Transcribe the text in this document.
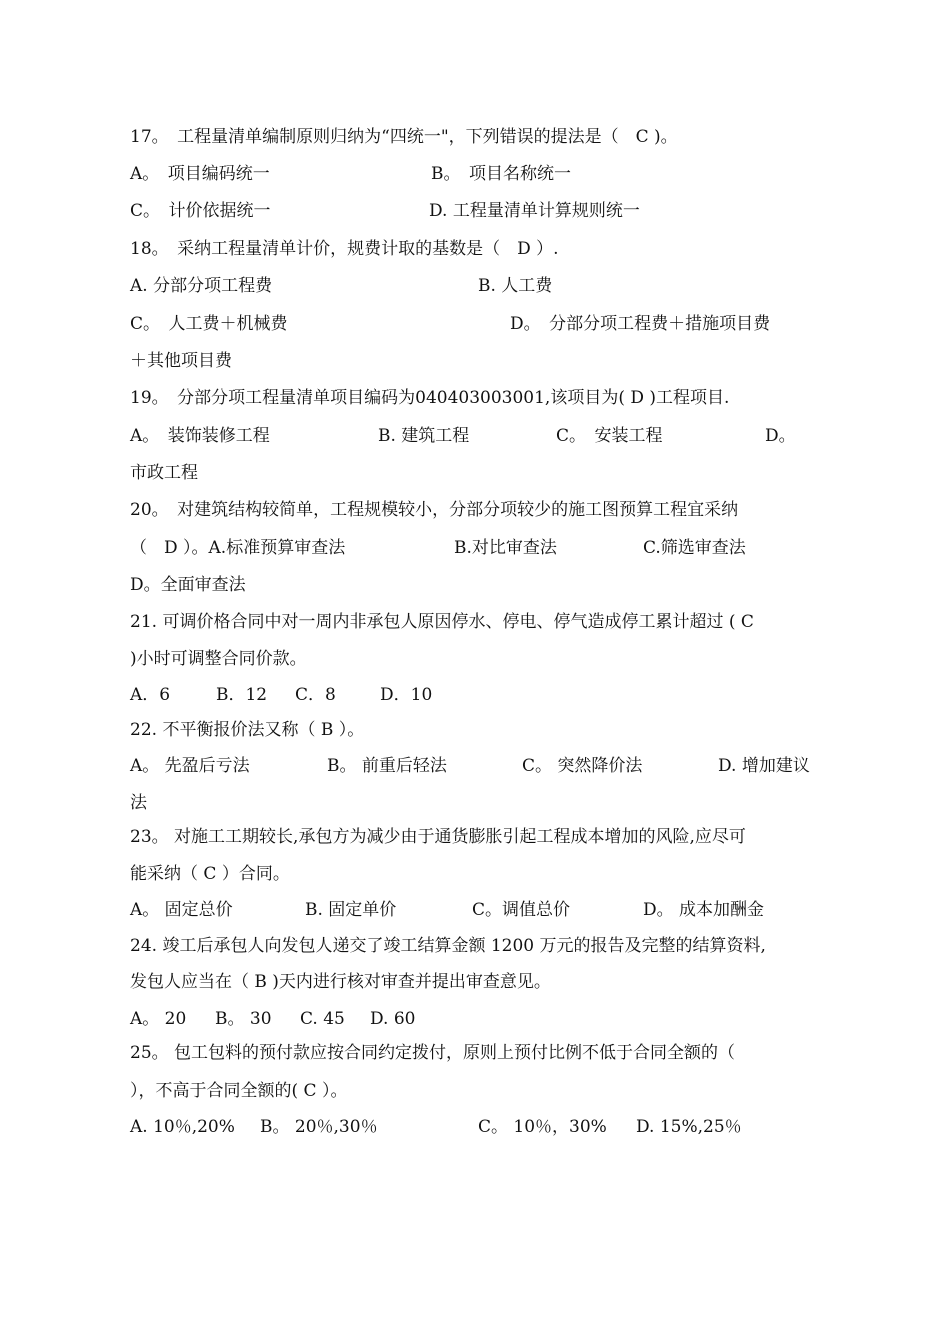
17。　工程量清单编制原则归纳为“四统一"，下列错误的提法是（　C )。

A。　项目编码统一

	B。　项目名称统一

C。　计价依据统一

	D. 工程量清单计算规则统一

18。　采纳工程量清单计价，规费计取的基数是（　D ）.

A. 分部分项工程费

	B. 人工费

C。　人工费＋机械费

	D。　分部分项工程费＋措施项目费

＋其他项目费

19。　分部分项工程量清单项目编码为040403003001,该项目为( D )工程项目.

A。　装饰装修工程

	B. 建筑工程

	C。　安装工程

	D。

市政工程

20。　对建筑结构较简单，工程规模较小，分部分项较少的施工图预算工程宜采纳

（　D ）。A.标准预算审查法

	B.对比审查法

	C.筛选审查法

D。全面审查法

21. 可调价格合同中对一周内非承包人原因停水、停电、停气造成停工累计超过 ( C

)小时可调整合同价款。

A．6

	B．12

C．8

	D．10

22. 不平衡报价法又称（ B ）。

A。 先盈后亏法

	B。 前重后轻法

	C。 突然降价法

	D. 增加建议

法

23。 对施工工期较长,承包方为减少由于通货膨胀引起工程成本增加的风险,应尽可

能采纳（ C ）合同。

A。 固定总价

	B. 固定单价

	C。调值总价

	D。 成本加酬金

24. 竣工后承包人向发包人递交了竣工结算金额 1200 万元的报告及完整的结算资料,

发包人应当在（ B )天内进行核对审查并提出审查意见。

A。 20

B。 30

C. 45

D. 60

25。 包工包料的预付款应按合同约定拨付，原则上预付比例不低于合同全额的（

），不高于合同全额的( C ）。

A. 10％,20%

B。 20％,30％

	C。 10％，30%

D. 15%,25％
